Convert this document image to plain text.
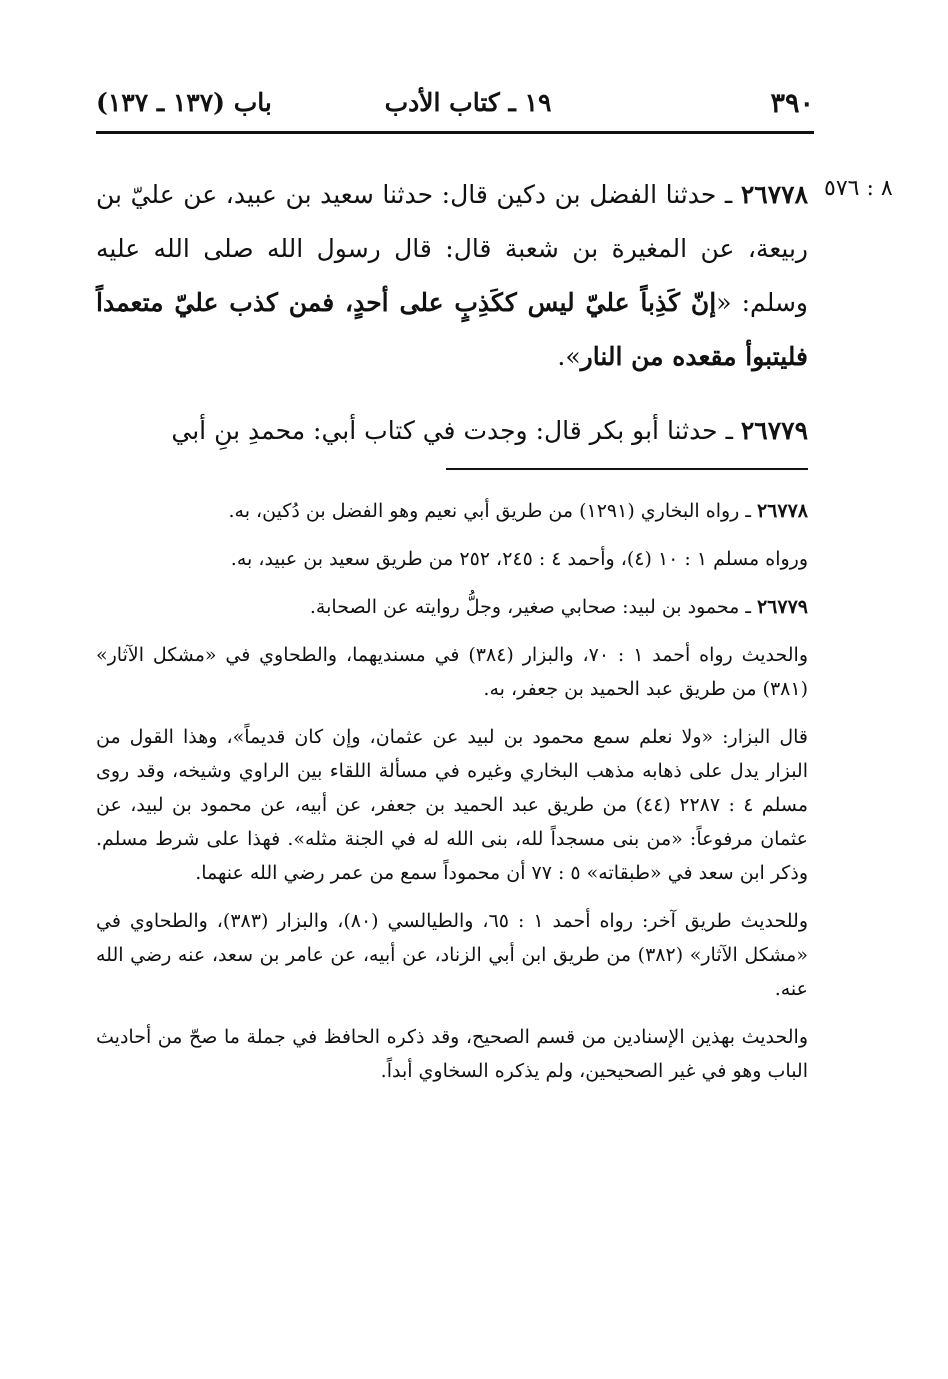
٣٩٠
١٩ ـ كتاب الأدب
باب (١٣٧ ـ ١٣٧)
٨ : ٥٧٦

٢٦٧٧٨ ـ حدثنا الفضل بن دكين قال: حدثنا سعيد بن عبيد، عن عليّ بن ربيعة، عن المغيرة بن شعبة قال: قال رسول الله صلى الله عليه وسلم: «إنّ كَذِباً عليّ ليس ككَذِبٍ على أحدٍ، فمن كذب عليّ متعمداً فليتبوأ مقعده من النار».

٢٦٧٧٩ ـ حدثنا أبو بكر قال: وجدت في كتاب أبي: محمدِ بنِ أبي

٢٦٧٧٨ ـ رواه البخاري (١٢٩١) من طريق أبي نعيم وهو الفضل بن دُكين، به.

ورواه مسلم ١ : ١٠ (٤)، وأحمد ٤ : ٢٤٥، ٢٥٢ من طريق سعيد بن عبيد، به.

٢٦٧٧٩ ـ محمود بن لبيد: صحابي صغير، وجلُّ روايته عن الصحابة.

والحديث رواه أحمد ١ : ٧٠، والبزار (٣٨٤) في مسنديهما، والطحاوي في «مشكل الآثار» (٣٨١) من طريق عبد الحميد بن جعفر، به.

قال البزار: «ولا نعلم سمع محمود بن لبيد عن عثمان، وإن كان قديماً»، وهذا القول من البزار يدل على ذهابه مذهب البخاري وغيره في مسألة اللقاء بين الراوي وشيخه، وقد روى مسلم ٤ : ٢٢٨٧ (٤٤) من طريق عبد الحميد بن جعفر، عن أبيه، عن محمود بن لبيد، عن عثمان مرفوعاً: «من بنى مسجداً لله، بنى الله له في الجنة مثله». فهذا على شرط مسلم. وذكر ابن سعد في «طبقاته» ٥ : ٧٧ أن محموداً سمع من عمر رضي الله عنهما.

وللحديث طريق آخر: رواه أحمد ١ : ٦٥، والطيالسي (٨٠)، والبزار (٣٨٣)، والطحاوي في «مشكل الآثار» (٣٨٢) من طريق ابن أبي الزناد، عن أبيه، عن عامر بن سعد، عنه رضي الله عنه.

والحديث بهذين الإسنادين من قسم الصحيح، وقد ذكره الحافظ في جملة ما صحّ من أحاديث الباب وهو في غير الصحيحين، ولم يذكره السخاوي أبداً.
